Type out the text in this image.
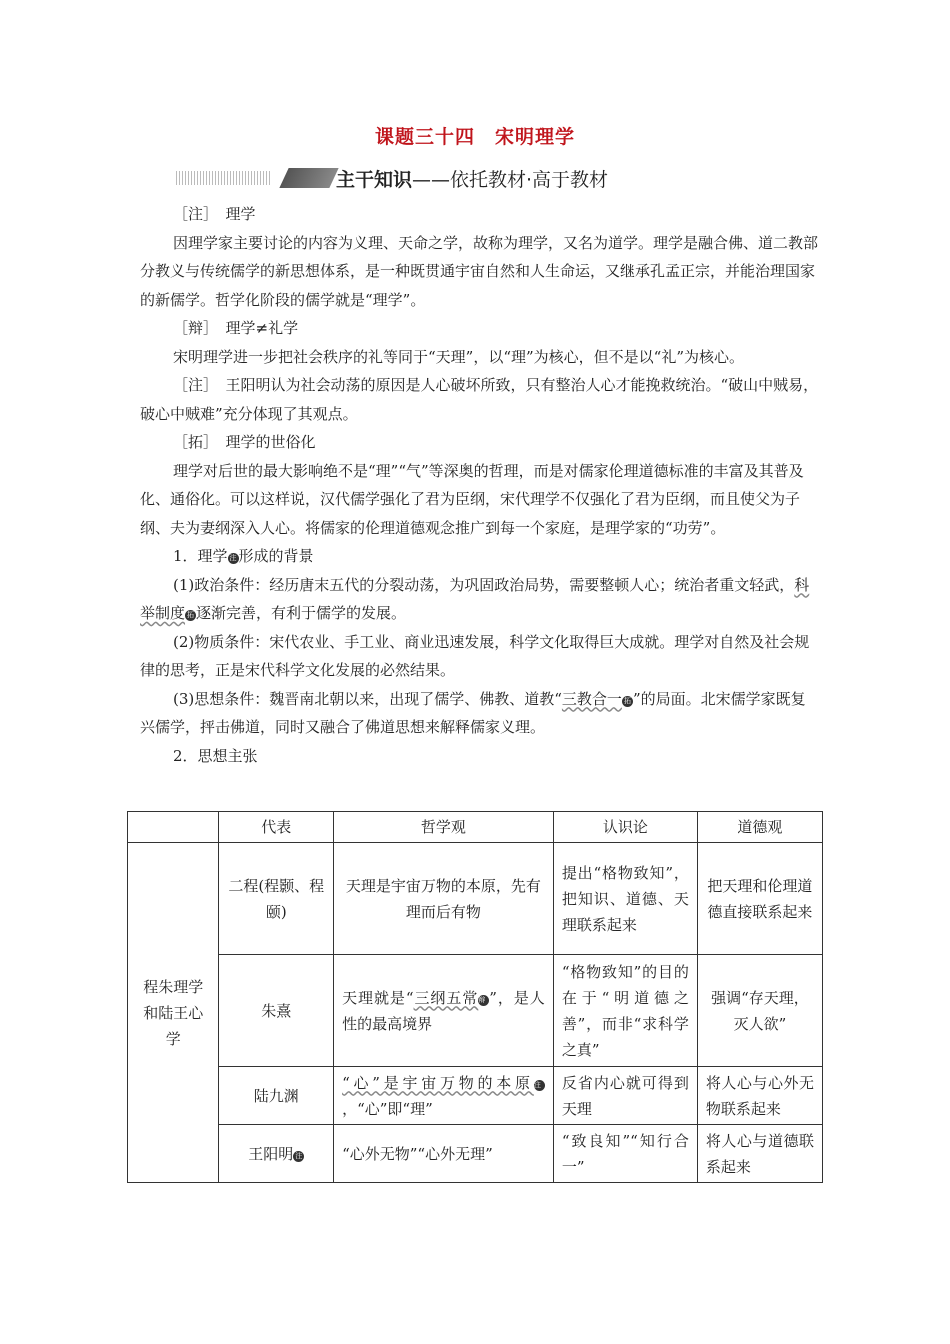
课题三十四　宋明理学
主干知识——依托教材·高于教材

［注］　理学

因理学家主要讨论的内容为义理、天命之学，故称为理学，又名为道学。理学是融合佛、道二教部分教义与传统儒学的新思想体系，是一种既贯通宇宙自然和人生命运，又继承孔孟正宗，并能治理国家的新儒学。哲学化阶段的儒学就是“理学”。

［辩］　理学≠礼学

宋明理学进一步把社会秩序的礼等同于“天理”，以“理”为核心，但不是以“礼”为核心。

［注］　王阳明认为社会动荡的原因是人心破坏所致，只有整治人心才能挽救统治。“破山中贼易，破心中贼难”充分体现了其观点。

［拓］　理学的世俗化

理学对后世的最大影响绝不是“理”“气”等深奥的哲理，而是对儒家伦理道德标准的丰富及其普及化、通俗化。可以这样说，汉代儒学强化了君为臣纲，宋代理学不仅强化了君为臣纲，而且使父为子纲、夫为妻纲深入人心。将儒家的伦理道德观念推广到每一个家庭，是理学家的“功劳”。

1．理学 注 形成的背景

(1)政治条件：经历唐末五代的分裂动荡，为巩固政治局势，需要整顿人心；统治者重文轻武，科举制度 拓 逐渐完善，有利于儒学的发展。

(2)物质条件：宋代农业、手工业、商业迅速发展，科学文化取得巨大成就。理学对自然及社会规律的思考，正是宋代科学文化发展的必然结果。

(3)思想条件：魏晋南北朝以来，出现了儒学、佛教、道教“三教合一 拓 ”的局面。北宋儒学家既复兴儒学，抨击佛道，同时又融合了佛道思想来解释儒家义理。

2．思想主张

	代表	哲学观	认识论	道德观
程朱理学和陆王心学	二程(程颢、程颐)	天理是宇宙万物的本原，先有理而后有物	提出“格物致知”，把知识、道德、天理联系起来	把天理和伦理道德直接联系起来
	朱熹	天理就是“三纲五常辩 ”，是人性的最高境界	“格物致知”的目的在于“明道德之善”，而非“求科学之真”	强调“存天理，灭人欲”
	陆九渊	“心”是宇宙万物的本原注，“心”即“理”	反省内心就可得到天理	将人心与心外无物联系起来
	王阳明 注	“心外无物”“心外无理”	“致良知”“知行合一”	将人心与道德联系起来
